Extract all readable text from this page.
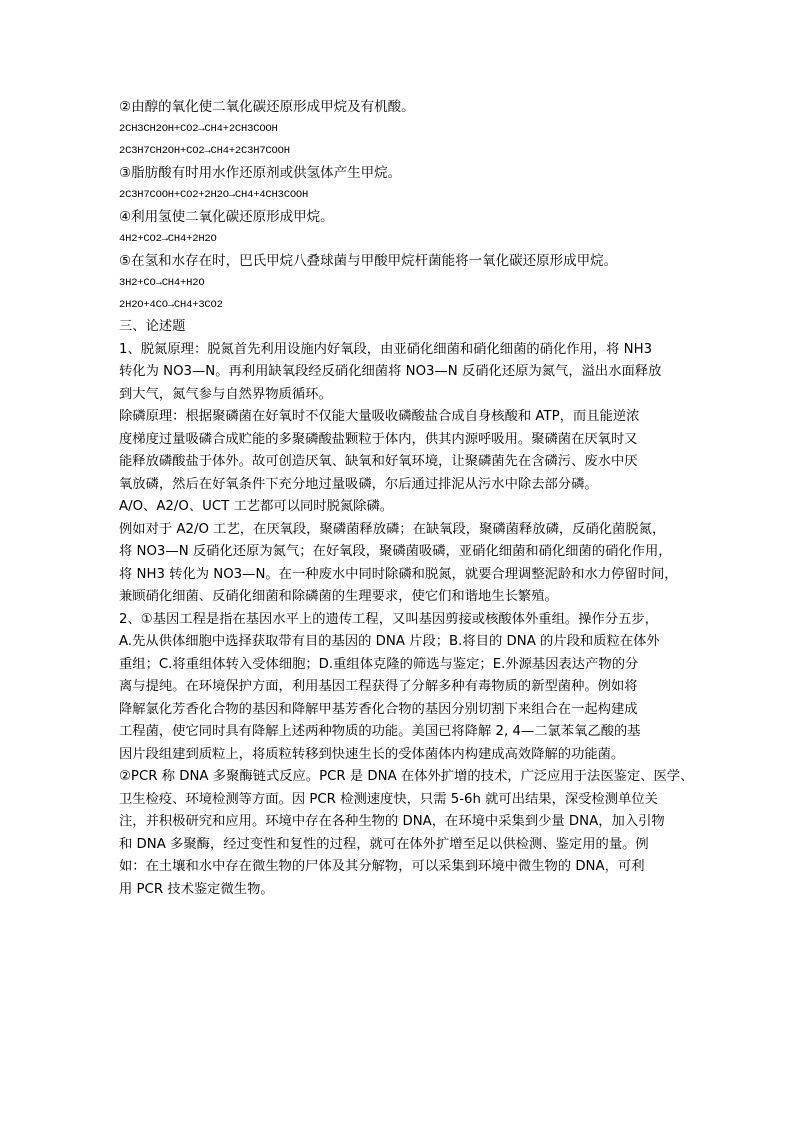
②由醇的氧化使二氧化碳还原形成甲烷及有机酸。
2CH3CH2OH+CO2→CH4+2CH3COOH
2C3H7CH2OH+CO2→CH4+2C3H7COOH
③脂肪酸有时用水作还原剂或供氢体产生甲烷。
2C3H7COOH+CO2+2H2O→CH4+4CH3COOH
④利用氢使二氧化碳还原形成甲烷。
4H2+CO2→CH4+2H2O
⑤在氢和水存在时，巴氏甲烷八叠球菌与甲酸甲烷杆菌能将一氧化碳还原形成甲烷。
3H2+CO→CH4+H2O
2H2O+4CO→CH4+3CO2
三、论述题
1、脱氮原理：脱氮首先利用设施内好氧段，由亚硝化细菌和硝化细菌的硝化作用，将 NH3
转化为 NO3—N。再利用缺氧段经反硝化细菌将 NO3—N 反硝化还原为氮气，溢出水面释放
到大气，氮气参与自然界物质循环。
除磷原理：根据聚磷菌在好氧时不仅能大量吸收磷酸盐合成自身核酸和 ATP，而且能逆浓
度梯度过量吸磷合成贮能的多聚磷酸盐颗粒于体内，供其内源呼吸用。聚磷菌在厌氧时又
能释放磷酸盐于体外。故可创造厌氧、缺氧和好氧环境，让聚磷菌先在含磷污、废水中厌
氧放磷，然后在好氧条件下充分地过量吸磷，尔后通过排泥从污水中除去部分磷。
A/O、A2/O、UCT 工艺都可以同时脱氮除磷。
例如对于 A2/O 工艺，在厌氧段，聚磷菌释放磷；在缺氧段，聚磷菌释放磷，反硝化菌脱氮，
将 NO3—N 反硝化还原为氮气；在好氧段，聚磷菌吸磷，亚硝化细菌和硝化细菌的硝化作用，
将 NH3 转化为 NO3—N。在一种废水中同时除磷和脱氮，就要合理调整泥龄和水力停留时间，
兼顾硝化细菌、反硝化细菌和除磷菌的生理要求，使它们和谐地生长繁殖。
2、①基因工程是指在基因水平上的遗传工程，又叫基因剪接或核酸体外重组。操作分五步，
A.先从供体细胞中选择获取带有目的基因的 DNA 片段；B.将目的 DNA 的片段和质粒在体外
重组；C.将重组体转入受体细胞；D.重组体克隆的筛选与鉴定；E.外源基因表达产物的分
离与提纯。在环境保护方面，利用基因工程获得了分解多种有毒物质的新型菌种。例如将
降解氯化芳香化合物的基因和降解甲基芳香化合物的基因分别切割下来组合在一起构建成
工程菌，使它同时具有降解上述两种物质的功能。美国已将降解 2, 4—二氯苯氧乙酸的基
因片段组建到质粒上，将质粒转移到快速生长的受体菌体内构建成高效降解的功能菌。
②PCR 称 DNA 多聚酶链式反应。PCR 是 DNA 在体外扩增的技术，广泛应用于法医鉴定、医学、
卫生检疫、环境检测等方面。因 PCR 检测速度快，只需 5-6h 就可出结果，深受检测单位关
注，并积极研究和应用。环境中存在各种生物的 DNA，在环境中采集到少量 DNA，加入引物
和 DNA 多聚酶，经过变性和复性的过程，就可在体外扩增至足以供检测、鉴定用的量。例
如：在土壤和水中存在微生物的尸体及其分解物，可以采集到环境中微生物的 DNA，可利
用 PCR 技术鉴定微生物。
